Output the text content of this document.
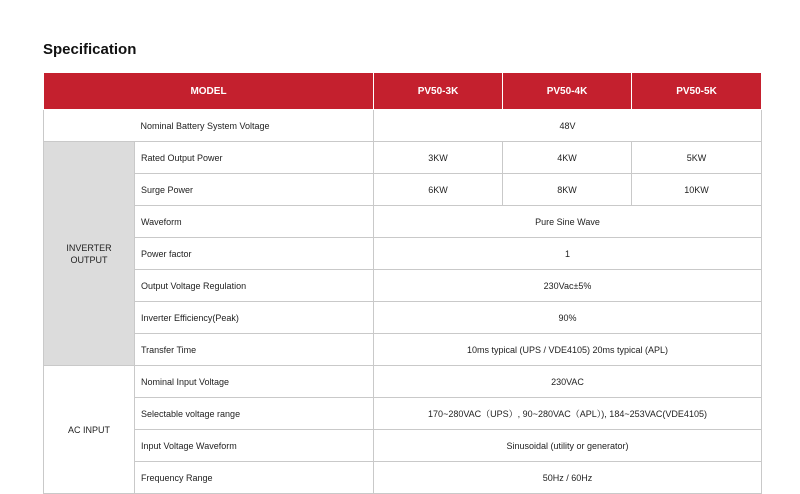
Specification
MODEL		PV50-3K	PV50-4K	PV50-5K
	Nominal Battery System Voltage	48V		
INVERTER OUTPUT	Rated Output Power	3KW	4KW	5KW
	Surge Power	6KW	8KW	10KW
	Waveform	Pure Sine Wave		
	Power factor	1		
	Output Voltage Regulation	230Vac±5%		
	Inverter Efficiency(Peak)	90%		
	Transfer Time	10ms typical (UPS / VDE4105) 20ms typical (APL)		
AC INPUT	Nominal Input Voltage	230VAC		
	Selectable voltage range	170~280VAC（UPS）, 90~280VAC（APL）), 184~253VAC(VDE4105)		
	Input Voltage Waveform	Sinusoidal (utility or generator)		
	Frequency Range	50Hz / 60Hz		
